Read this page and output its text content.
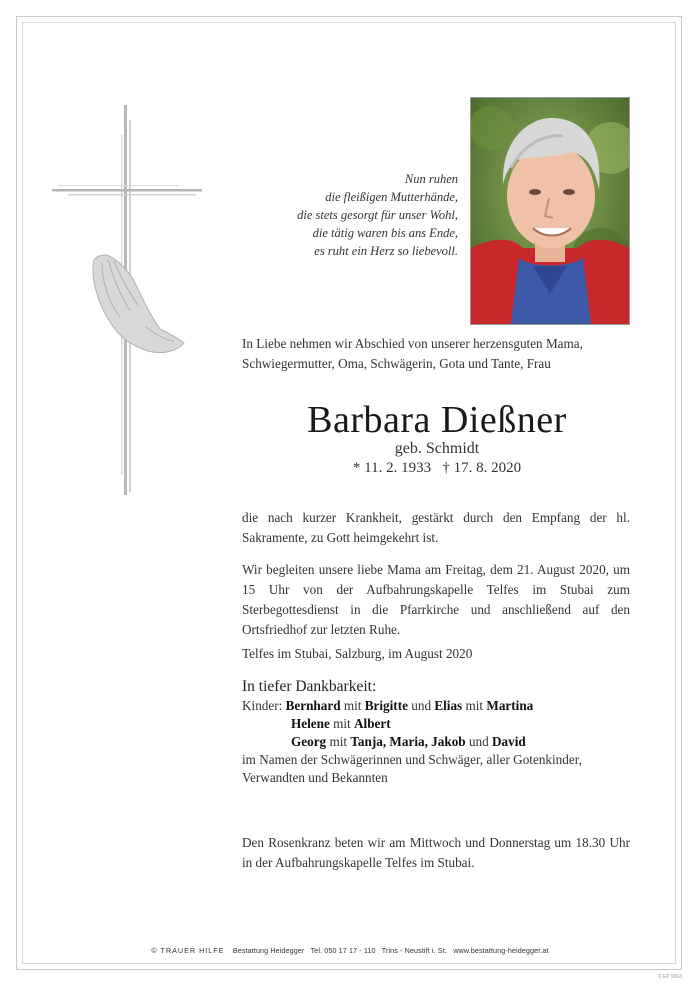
Nun ruhen
die fleißigen Mutterhände,
die stets gesorgt für unser Wohl,
die tätig waren bis ans Ende,
es ruht ein Herz so liebevoll.
In Liebe nehmen wir Abschied von unserer herzensguten Mama, Schwiegermutter, Oma, Schwägerin, Gota und Tante, Frau
Barbara Dießner
geb. Schmidt
* 11. 2. 1933   † 17. 8. 2020
die nach kurzer Krankheit, gestärkt durch den Empfang der hl. Sakramente, zu Gott heimgekehrt ist.
Wir begleiten unsere liebe Mama am Freitag, dem 21. August 2020, um 15 Uhr von der Aufbahrungskapelle Telfes im Stubai zum Sterbegottesdienst in die Pfarrkirche und anschließend auf den Ortsfriedhof zur letzten Ruhe.
Telfes im Stubai, Salzburg, im August 2020
In tiefer Dankbarkeit:
Kinder: Bernhard mit Brigitte und Elias mit Martina
Helene mit Albert
Georg mit Tanja, Maria, Jakob und David
im Namen der Schwägerinnen und Schwäger, aller Gotenkinder, Verwandten und Bekannten
Den Rosenkranz beten wir am Mittwoch und Donnerstag um 18.30 Uhr in der Aufbahrungskapelle Telfes im Stubai.
© TRAUER HILFE Bestattung Heidegger Tel. 050 17 17 - 110 Trins - Neustift i. St. www.bestattung-heidegger.at
© EP 9063
